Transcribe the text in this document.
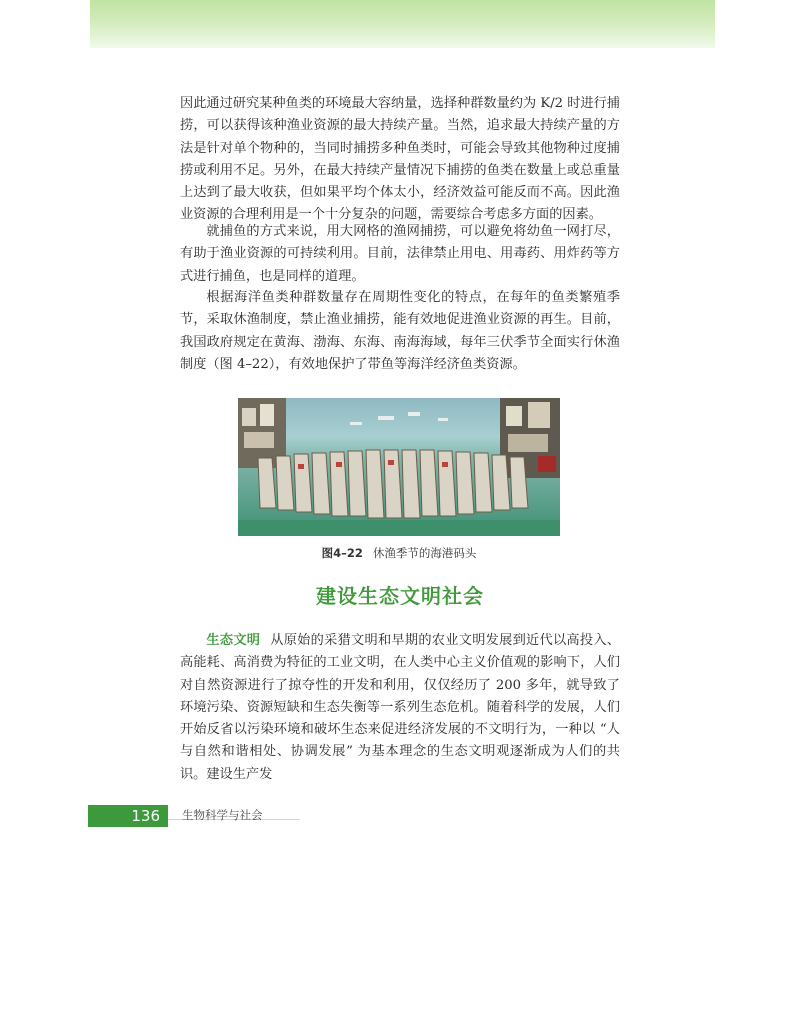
因此通过研究某种鱼类的环境最大容纳量，选择种群数量约为 K/2 时进行捕捞，可以获得该种渔业资源的最大持续产量。当然，追求最大持续产量的方法是针对单个物种的，当同时捕捞多种鱼类时，可能会导致其他物种过度捕捞或利用不足。另外，在最大持续产量情况下捕捞的鱼类在数量上或总重量上达到了最大收获，但如果平均个体太小，经济效益可能反而不高。因此渔业资源的合理利用是一个十分复杂的问题，需要综合考虑多方面的因素。

就捕鱼的方式来说，用大网格的渔网捕捞，可以避免将幼鱼一网打尽，有助于渔业资源的可持续利用。目前，法律禁止用电、用毒药、用炸药等方式进行捕鱼，也是同样的道理。

根据海洋鱼类种群数量存在周期性变化的特点，在每年的鱼类繁殖季节，采取休渔制度，禁止渔业捕捞，能有效地促进渔业资源的再生。目前，我国政府规定在黄海、渤海、东海、南海海域，每年三伏季节全面实行休渔制度（图 4–22），有效地保护了带鱼等海洋经济鱼类资源。

图4–22 休渔季节的海港码头
建设生态文明社会

生态文明 从原始的采猎文明和早期的农业文明发展到近代以高投入、高能耗、高消费为特征的工业文明，在人类中心主义价值观的影响下，人们对自然资源进行了掠夺性的开发和利用，仅仅经历了 200 多年，就导致了环境污染、资源短缺和生态失衡等一系列生态危机。随着科学的发展，人们开始反省以污染环境和破坏生态来促进经济发展的不文明行为，一种以 “人与自然和谐相处、协调发展” 为基本理念的生态文明观逐渐成为人们的共识。建设生产发

136	生物科学与社会
